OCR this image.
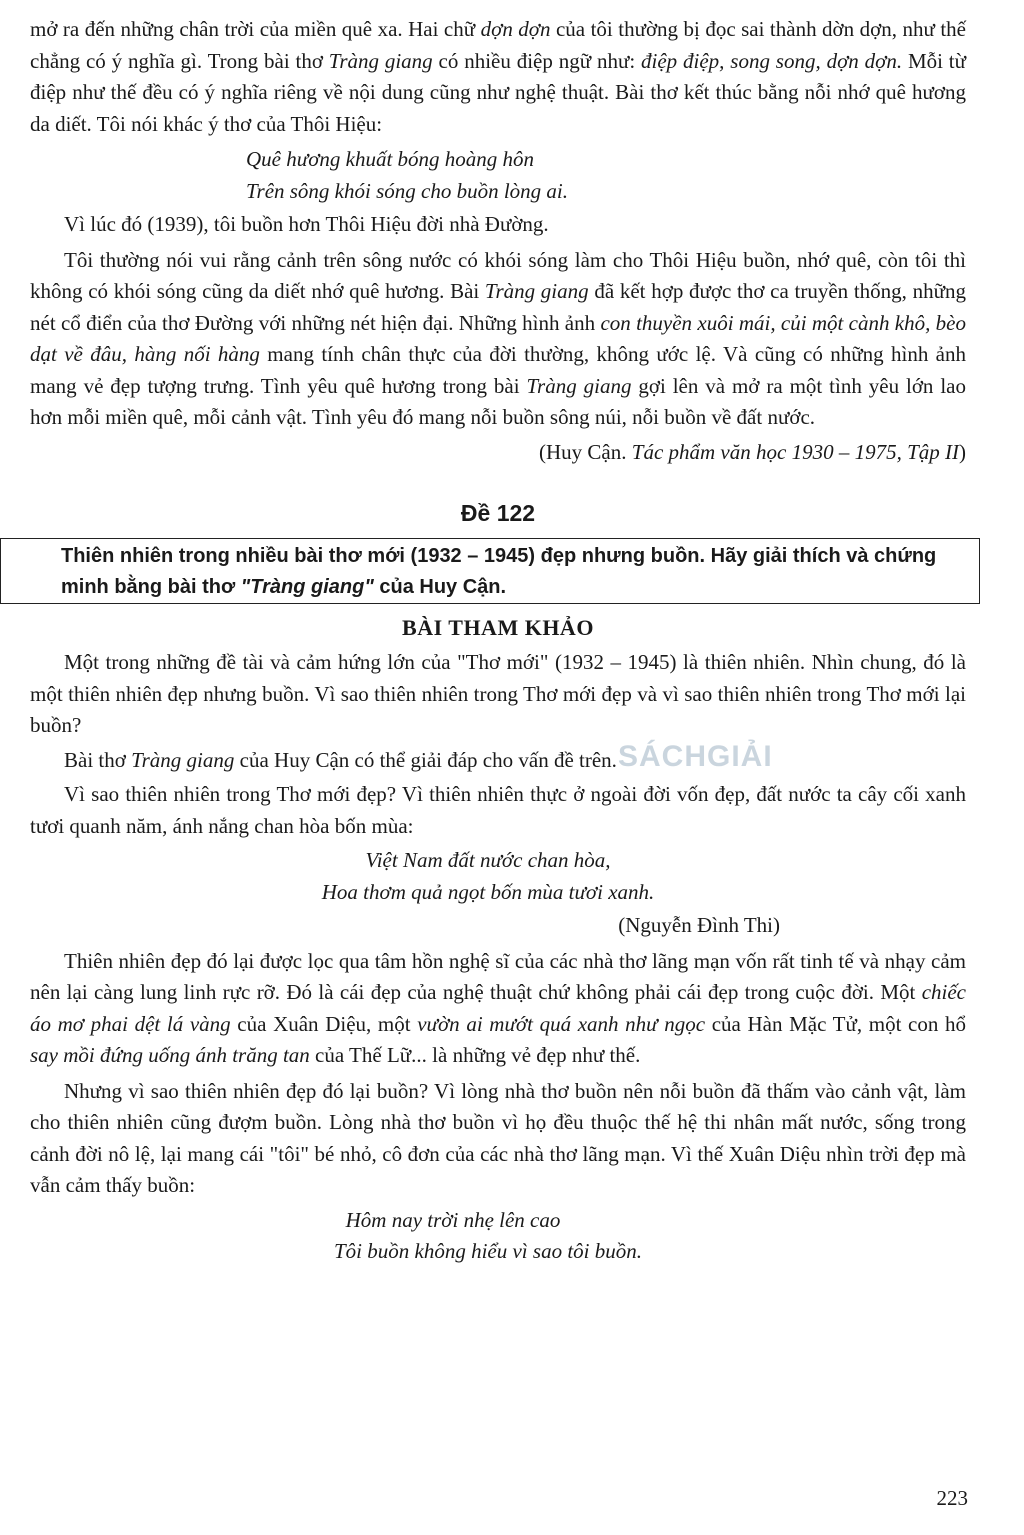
mở ra đến những chân trời của miền quê xa. Hai chữ dợn dợn của tôi thường bị đọc sai thành dờn dợn, như thế chẳng có ý nghĩa gì. Trong bài thơ Tràng giang có nhiều điệp ngữ như: điệp điệp, song song, dợn dợn. Mỗi từ điệp như thế đều có ý nghĩa riêng về nội dung cũng như nghệ thuật. Bài thơ kết thúc bằng nỗi nhớ quê hương da diết. Tôi nói khác ý thơ của Thôi Hiệu:

Quê hương khuất bóng hoàng hôn

Trên sông khói sóng cho buồn lòng ai.

Vì lúc đó (1939), tôi buồn hơn Thôi Hiệu đời nhà Đường.

Tôi thường nói vui rằng cảnh trên sông nước có khói sóng làm cho Thôi Hiệu buồn, nhớ quê, còn tôi thì không có khói sóng cũng da diết nhớ quê hương. Bài Tràng giang đã kết hợp được thơ ca truyền thống, những nét cổ điển của thơ Đường với những nét hiện đại. Những hình ảnh con thuyền xuôi mái, củi một cành khô, bèo dạt về đâu, hàng nối hàng mang tính chân thực của đời thường, không ước lệ. Và cũng có những hình ảnh mang vẻ đẹp tượng trưng. Tình yêu quê hương trong bài Tràng giang gợi lên và mở ra một tình yêu lớn lao hơn mỗi miền quê, mỗi cảnh vật. Tình yêu đó mang nỗi buồn sông núi, nỗi buồn về đất nước.

(Huy Cận. Tác phẩm văn học 1930 – 1975, Tập II)

Đề 122
Thiên nhiên trong nhiều bài thơ mới (1932 – 1945) đẹp nhưng buồn. Hãy giải thích và chứng minh bằng bài thơ "Tràng giang" của Huy Cận.
BÀI THAM KHẢO

Một trong những đề tài và cảm hứng lớn của "Thơ mới" (1932 – 1945) là thiên nhiên. Nhìn chung, đó là một thiên nhiên đẹp nhưng buồn. Vì sao thiên nhiên trong Thơ mới đẹp và vì sao thiên nhiên trong Thơ mới lại buồn?

Bài thơ Tràng giang của Huy Cận có thể giải đáp cho vấn đề trên.

Vì sao thiên nhiên trong Thơ mới đẹp? Vì thiên nhiên thực ở ngoài đời vốn đẹp, đất nước ta cây cối xanh tươi quanh năm, ánh nắng chan hòa bốn mùa:

Việt Nam đất nước chan hòa,

Hoa thơm quả ngọt bốn mùa tươi xanh.

(Nguyễn Đình Thi)

Thiên nhiên đẹp đó lại được lọc qua tâm hồn nghệ sĩ của các nhà thơ lãng mạn vốn rất tinh tế và nhạy cảm nên lại càng lung linh rực rỡ. Đó là cái đẹp của nghệ thuật chứ không phải cái đẹp trong cuộc đời. Một chiếc áo mơ phai dệt lá vàng của Xuân Diệu, một vườn ai mướt quá xanh như ngọc của Hàn Mặc Tử, một con hổ say mồi đứng uống ánh trăng tan của Thế Lữ... là những vẻ đẹp như thế.

Nhưng vì sao thiên nhiên đẹp đó lại buồn? Vì lòng nhà thơ buồn nên nỗi buồn đã thấm vào cảnh vật, làm cho thiên nhiên cũng đượm buồn. Lòng nhà thơ buồn vì họ đều thuộc thế hệ thi nhân mất nước, sống trong cảnh đời nô lệ, lại mang cái "tôi" bé nhỏ, cô đơn của các nhà thơ lãng mạn. Vì thế Xuân Diệu nhìn trời đẹp mà vẫn cảm thấy buồn:

Hôm nay trời nhẹ lên cao

Tôi buồn không hiểu vì sao tôi buồn.

SÁCHGIẢI
223
